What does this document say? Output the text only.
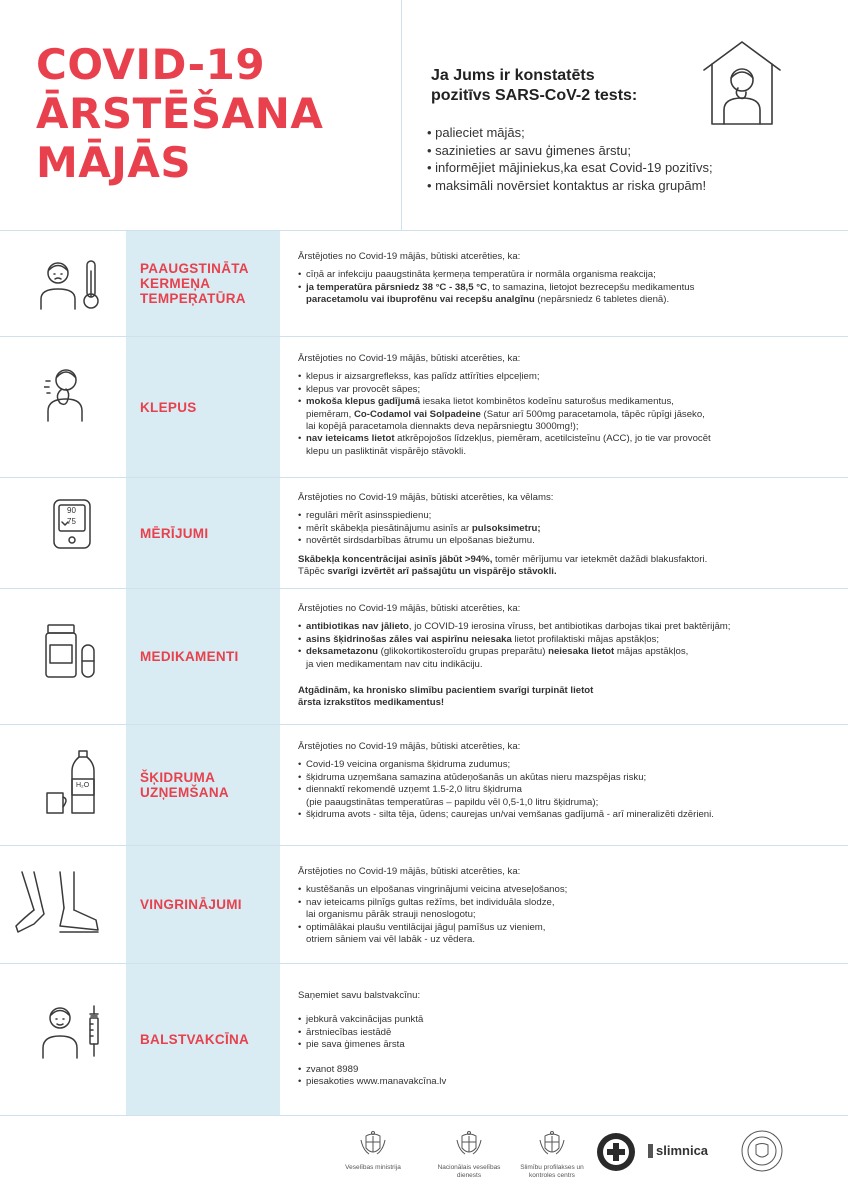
COVID-19
ĀRSTĒŠANA
MĀJĀS
Ja Jums ir konstatēts
pozitīvs SARS-CoV-2 tests:
• palieciet mājās;
• sazinieties ar savu ģimenes ārstu;
• informējiet mājiniekus,ka esat Covid-19 pozitīvs;
• maksimāli novērsiet kontaktus ar riska grupām!
PAAUGSTINĀTA
KERMEŅA
TEMPEŖATŪRA
Ārstējoties no Covid-19 mājās, būtiski atcerēties, ka:
• cīņā ar infekciju paaugstināta ķermeņa temperatūra ir normāla organisma reakcija;
• ja temperatūra pārsniedz 38 °C - 38,5 °C, to samazina, lietojot bezrecepšu medikamentus
paracetamolu vai ibuprofēnu vai recepšu analgīnu (nepārsniedz 6 tabletes dienā).
KLEPUS
Ārstējoties no Covid-19 mājās, būtiski atcerēties, ka:
• klepus ir aizsargreflekss, kas palīdz attīrīties elpceļiem;
• klepus var provocēt sāpes;
• mokoša klepus gadījumā iesaka lietot kombinētos kodeīnu saturošus medikamentus,
piemēram, Co-Codamol vai Solpadeine (Satur arī 500mg paracetamola, tāpēc rūpīgi jāseko,
lai kopējā paracetamola diennakts deva nepārsniegtu 3000mg!);
• nav ieteicams lietot atkrēpojošos līdzekļus, piemēram, acetilcisteīnu (ACC), jo tie var provocēt
klepu un pasliktināt vispārējo stāvokli.
90
75
MĒRĪJUMI
Ārstējoties no Covid-19 mājās, būtiski atcerēties, ka vēlams:
• regulāri mērīt asinsspiedienu;
• mērīt skābekļa piesātinājumu asinīs ar pulsoksimetru;
• novērtēt sirdsdarbības ātrumu un elpošanas biežumu.
Skābekļa koncentrācijai asinīs jābūt >94%, tomēr mērījumu var ietekmēt dažādi blakusfaktori.
Tāpēc svarīgi izvērtēt arī pašsajūtu un vispārējo stāvokli.
MEDIKAMENTI
Ārstējoties no Covid-19 mājās, būtiski atcerēties, ka:
• antibiotikas nav jālieto, jo COVID-19 ierosina vīruss, bet antibiotikas darbojas tikai pret baktērijām;
• asins šķidrinošas zāles vai aspirīnu neiesaka lietot profilaktiski mājas apstākļos;
• deksametazonu (glikokortikosteroīdu grupas preparātu) neiesaka lietot mājas apstākļos,
ja vien medikamentam nav citu indikāciju.
Atgādinām, ka hronisko slimību pacientiem svarīgi turpināt lietot
ārsta izrakstītos medikamentus!
H₂O
ŠĶIDRUMA
UZŅEMŠANA
Ārstējoties no Covid-19 mājās, būtiski atcerēties, ka:
• Covid-19 veicina organisma šķidruma zudumus;
• šķidruma uzņemšana samazina atūdeņošanās un akūtas nieru mazspējas risku;
• diennaktī rekomendē uzņemt 1.5-2,0 litru šķidruma
(pie paaugstinātas temperatūras – papildu vēl 0,5-1,0 litru šķidruma);
• šķidruma avots - silta tēja, ūdens; caurejas un/vai vemšanas gadījumā - arī mineralizēti dzērieni.
VINGRINĀJUMI
Ārstējoties no Covid-19 mājās, būtiski atcerēties, ka:
• kustēšanās un elpošanas vingrinājumi veicina atveseļošanos;
• nav ieteicams pilnīgs gultas režīms, bet individuāla slodze,
lai organismu pārāk strauji nenoslogotu;
• optimālākai plaušu ventilācijai jāguļ pamīšus uz vieniem,
otriem sāniem vai vēl labāk - uz vēdera.
BALSTVAKCĪNA
Saņemiet savu balstvakcīnu:
• jebkurā vakcinācijas punktā
• ārstniecības iestādē
• pie sava ģimenes ārsta
• zvanot 8989
• piesakoties www.manavakcīna.lv
Veselības ministrija	Nacionālais veselības dienests
Slimību profilakses un
kontroles centrs
slimnica
